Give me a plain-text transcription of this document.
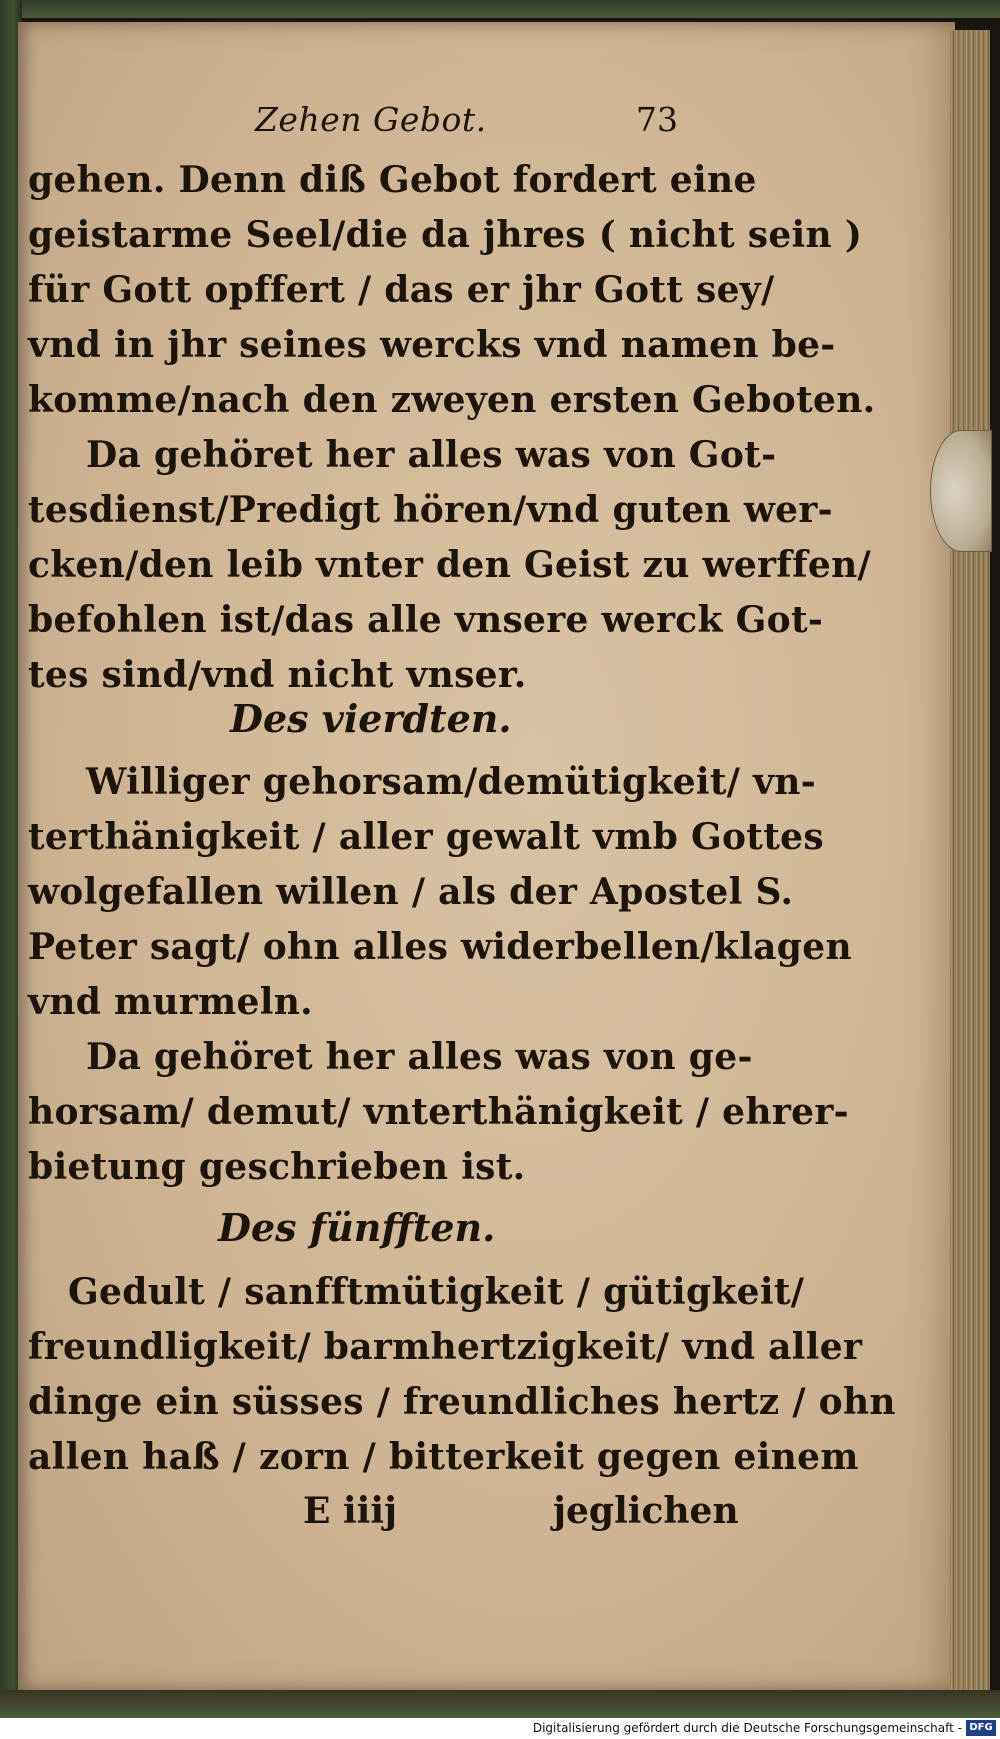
Zehen Gebot.	73
gehen. Denn diß Gebot fordert eine
geistarme Seel/die da jhres ( nicht sein )
für Gott opffert / das er jhr Gott sey/
vnd in jhr seines wercks vnd namen be-
komme/nach den zweyen ersten Geboten.
Da gehöret her alles was von Got-
tesdienst/Predigt hören/vnd guten wer-
cken/den leib vnter den Geist zu werffen/
befohlen ist/das alle vnsere werck Got-
tes sind/vnd nicht vnser.
Des vierdten.
Williger gehorsam/demütigkeit/ vn-
terthänigkeit / aller gewalt vmb Gottes
wolgefallen willen / als der Apostel S.
Peter sagt/ ohn alles widerbellen/klagen
vnd murmeln.
Da gehöret her alles was von ge-
horsam/ demut/ vnterthänigkeit / ehrer-
bietung geschrieben ist.
Des fünfften.
Gedult / sanfftmütigkeit / gütigkeit/
freundligkeit/ barmhertzigkeit/ vnd aller
dinge ein süsses / freundliches hertz / ohn
allen haß / zorn / bitterkeit gegen einem
E iiij	jeglichen
Digitalisierung gefördert durch die Deutsche Forschungsgemeinschaft - DFG
